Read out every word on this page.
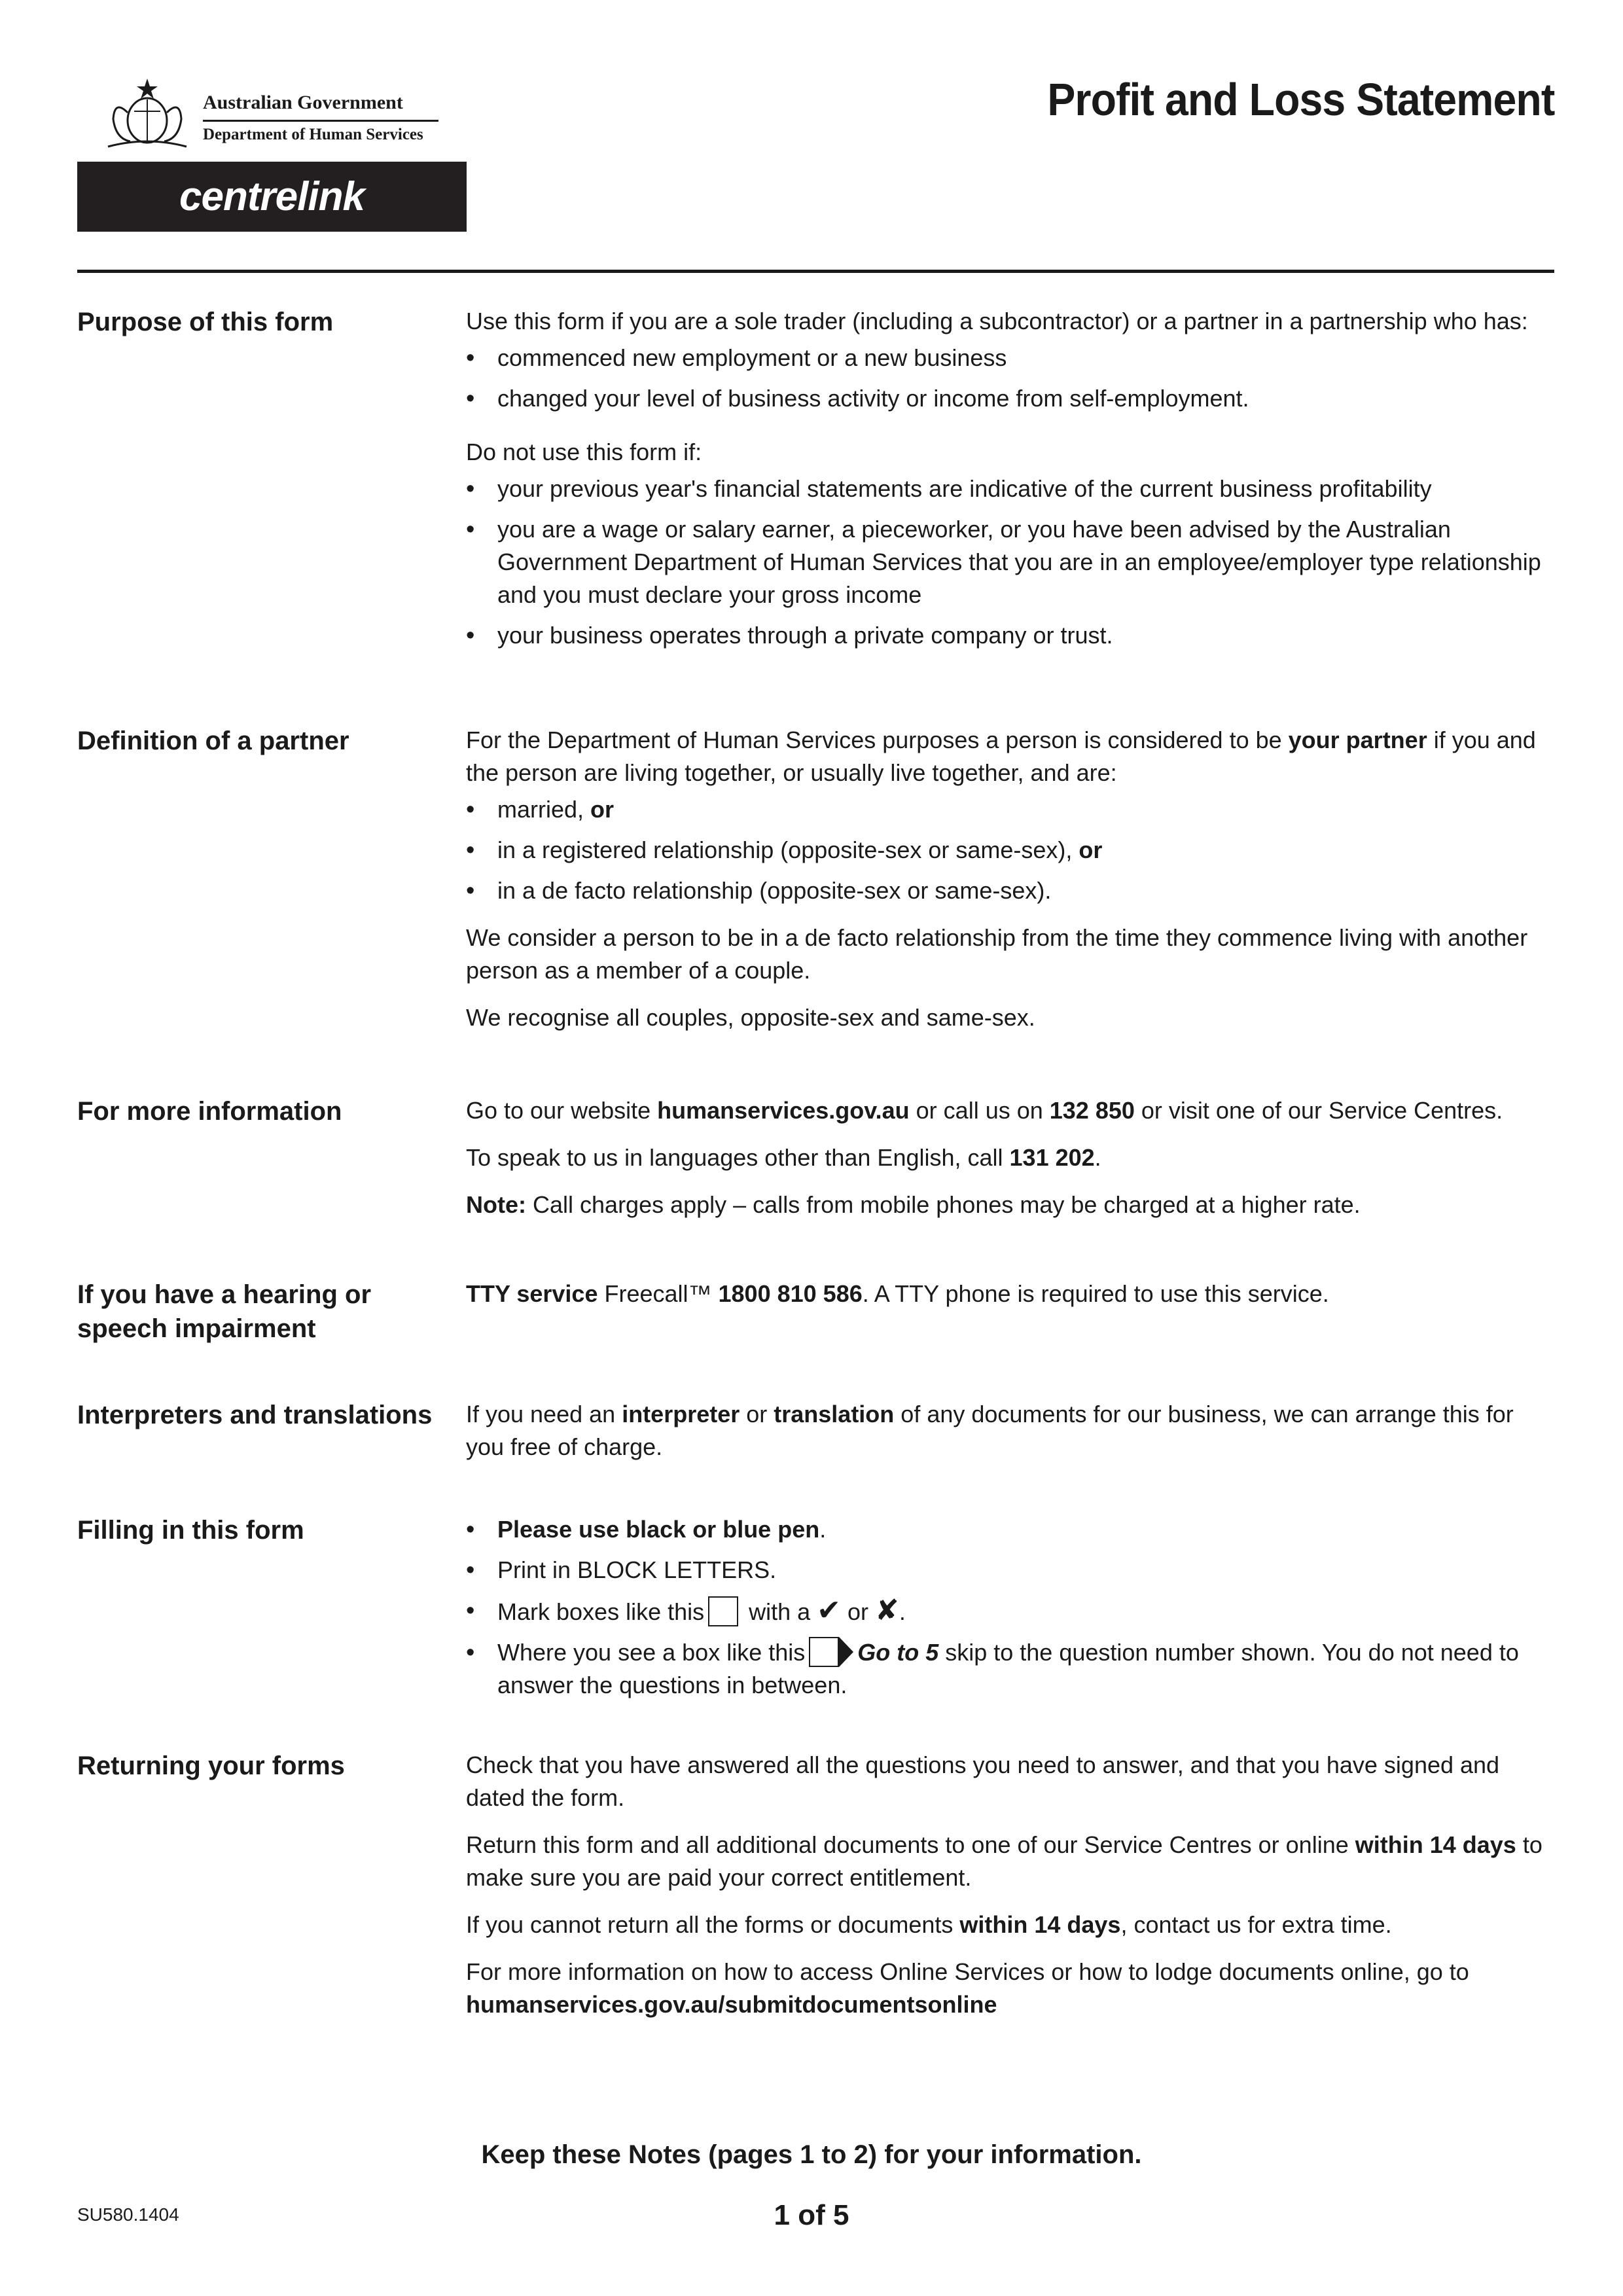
Australian Government
Department of Human Services
centrelink
Profit and Loss Statement
Purpose of this form	Use this form if you are a sole trader (including a subcontractor) or a partner in a partnership who has:

• commenced new employment or a new business
• changed your level of business activity or income from self-employment.

Do not use this form if:

• your previous year's financial statements are indicative of the current business profitability
• you are a wage or salary earner, a pieceworker, or you have been advised by the Australian Government Department of Human Services that you are in an employee/employer type relationship and you must declare your gross income
• your business operates through a private company or trust.
Definition of a partner	For the Department of Human Services purposes a person is considered to be your partner if you and the person are living together, or usually live together, and are:

• married, or
• in a registered relationship (opposite-sex or same-sex), or
• in a de facto relationship (opposite-sex or same-sex).

We consider a person to be in a de facto relationship from the time they commence living with another person as a member of a couple.

We recognise all couples, opposite-sex and same-sex.

For more information	Go to our website humanservices.gov.au or call us on 132 850 or visit one of our Service Centres.

To speak to us in languages other than English, call 131 202.

Note: Call charges apply – calls from mobile phones may be charged at a higher rate.

If you have a hearing or speech impairment

TTY service Freecall™ 1800 810 586. A TTY phone is required to use this service.

Interpreters and translations	If you need an interpreter or translation of any documents for our business, we can arrange this for you free of charge.

Filling in this form
•	Please use black or blue pen.
• Print in BLOCK LETTERS.
• Mark boxes like this with a ✔ or ✘.
• Where you see a box like this Go to 5 skip to the question number shown. You do not need to answer the questions in between.
Returning your forms	Check that you have answered all the questions you need to answer, and that you have signed and dated the form.

Return this form and all additional documents to one of our Service Centres or online within 14 days to make sure you are paid your correct entitlement.

If you cannot return all the forms or documents within 14 days, contact us for extra time.

For more information on how to access Online Services or how to lodge documents online, go to
humanservices.gov.au/submitdocumentsonline

Keep these Notes (pages 1 to 2) for your information.
SU580.1404	1 of 5
